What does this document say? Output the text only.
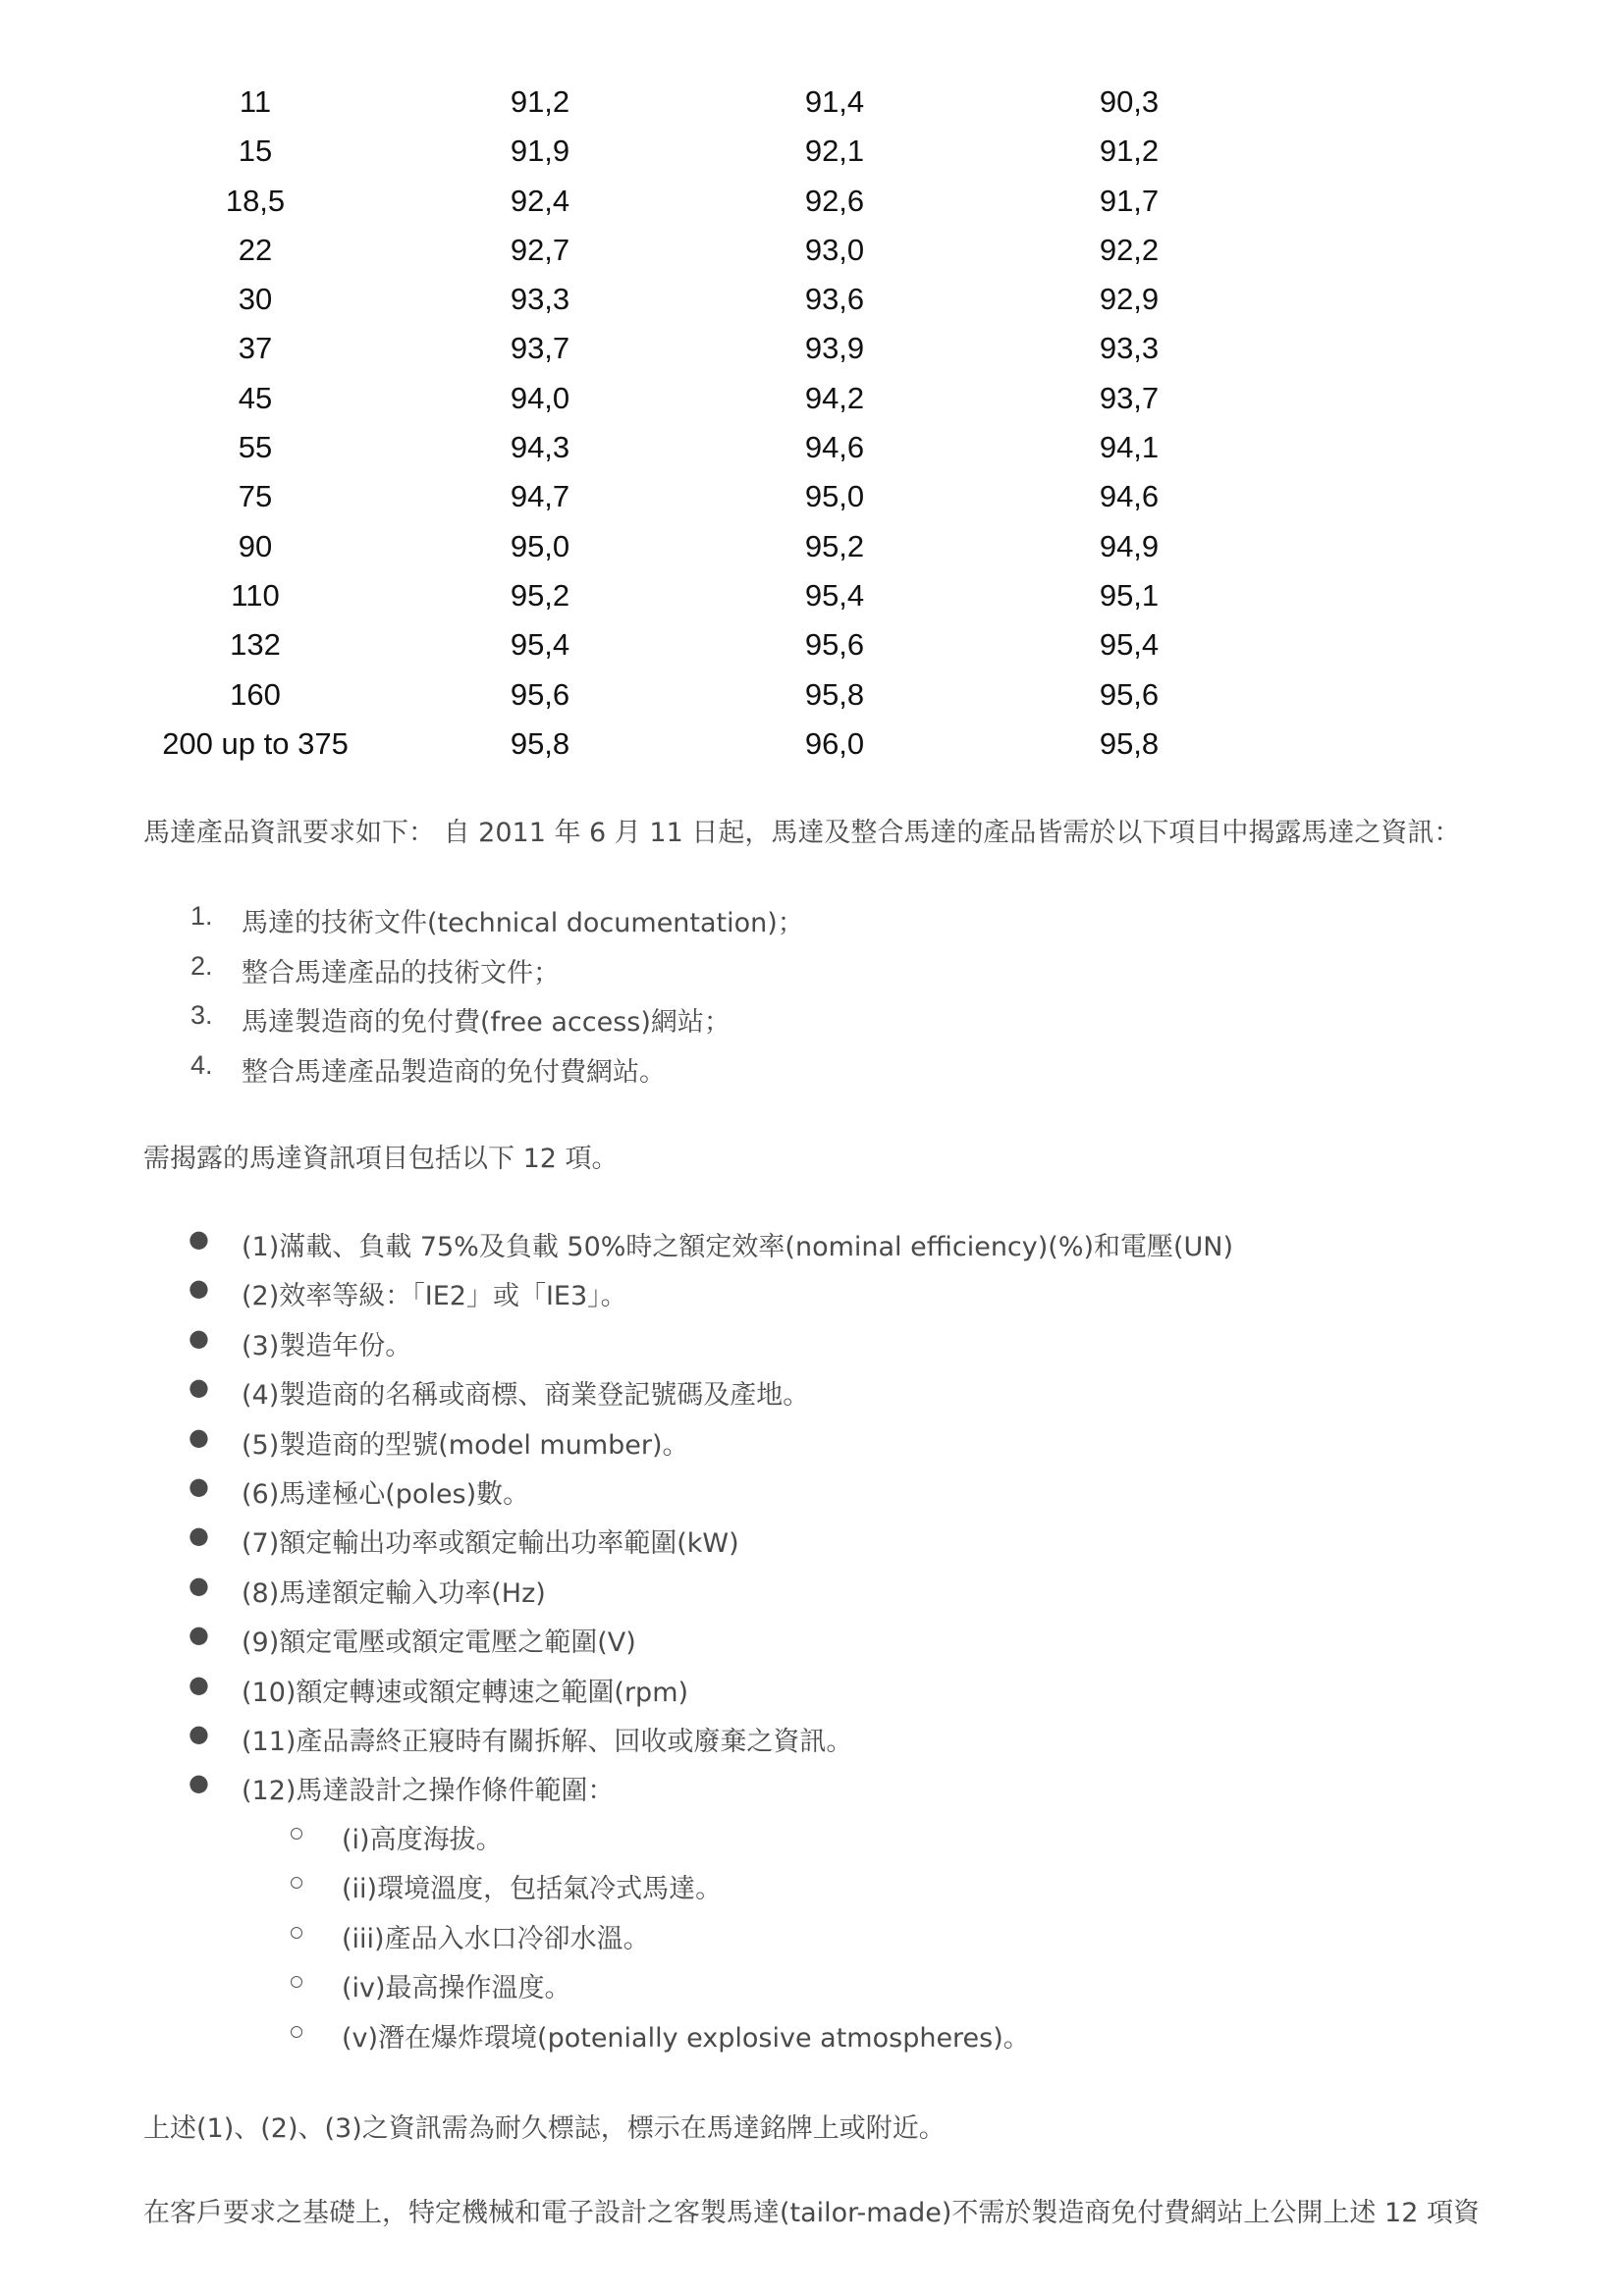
11	91,2	91,4	90,3
15	91,9	92,1	91,2
18,5	92,4	92,6	91,7
22	92,7	93,0	92,2
30	93,3	93,6	92,9
37	93,7	93,9	93,3
45	94,0	94,2	93,7
55	94,3	94,6	94,1
75	94,7	95,0	94,6
90	95,0	95,2	94,9
110	95,2	95,4	95,1
132	95,4	95,6	95,4
160	95,6	95,8	95,6
200 up to 375	95,8	96,0	95,8
馬達產品資訊要求如下： 自 2011 年 6 月 11 日起，馬達及整合馬達的產品皆需於以下項目中揭露馬達之資訊：
1. 馬達的技術文件(technical documentation)；
2. 整合馬達產品的技術文件；
3. 馬達製造商的免付費(free access)網站；
4. 整合馬達產品製造商的免付費網站。
需揭露的馬達資訊項目包括以下 12 項。
● (1)滿載、負載 75%及負載 50%時之額定效率(nominal efficiency)(%)和電壓(UN)
● (2)效率等級：「IE2」或「IE3」。
● (3)製造年份。
● (4)製造商的名稱或商標、商業登記號碼及產地。
● (5)製造商的型號(model mumber)。
● (6)馬達極心(poles)數。
● (7)額定輸出功率或額定輸出功率範圍(kW)
● (8)馬達額定輸入功率(Hz)
● (9)額定電壓或額定電壓之範圍(V)
● (10)額定轉速或額定轉速之範圍(rpm)
● (11)產品壽終正寢時有關拆解、回收或廢棄之資訊。
● (12)馬達設計之操作條件範圍：
(i)高度海拔。
(ii)環境溫度，包括氣冷式馬達。
(iii)產品入水口冷卻水溫。
(iv)最高操作溫度。
(v)潛在爆炸環境(potenially explosive atmospheres)。
上述(1)、(2)、(3)之資訊需為耐久標誌，標示在馬達銘牌上或附近。
在客戶要求之基礎上，特定機械和電子設計之客製馬達(tailor-made)不需於製造商免付費網站上公開上述 12 項資
